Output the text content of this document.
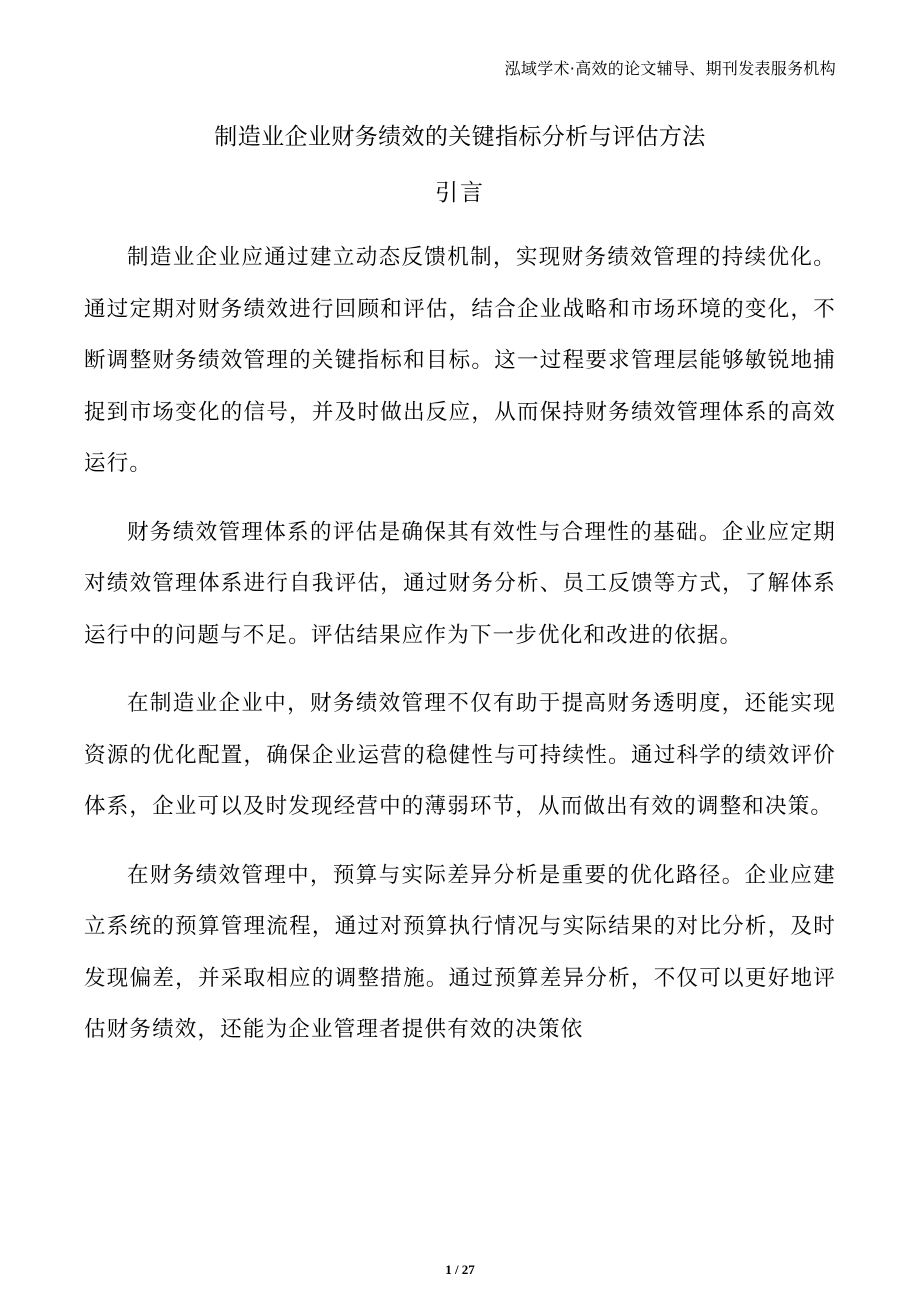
泓域学术·高效的论文辅导、期刊发表服务机构
制造业企业财务绩效的关键指标分析与评估方法
引言

制造业企业应通过建立动态反馈机制，实现财务绩效管理的持续优化。通过定期对财务绩效进行回顾和评估，结合企业战略和市场环境的变化，不断调整财务绩效管理的关键指标和目标。这一过程要求管理层能够敏锐地捕捉到市场变化的信号，并及时做出反应，从而保持财务绩效管理体系的高效运行。

财务绩效管理体系的评估是确保其有效性与合理性的基础。企业应定期对绩效管理体系进行自我评估，通过财务分析、员工反馈等方式，了解体系运行中的问题与不足。评估结果应作为下一步优化和改进的依据。

在制造业企业中，财务绩效管理不仅有助于提高财务透明度，还能实现资源的优化配置，确保企业运营的稳健性与可持续性。通过科学的绩效评价体系，企业可以及时发现经营中的薄弱环节，从而做出有效的调整和决策。

在财务绩效管理中，预算与实际差异分析是重要的优化路径。企业应建立系统的预算管理流程，通过对预算执行情况与实际结果的对比分析，及时发现偏差，并采取相应的调整措施。通过预算差异分析，不仅可以更好地评估财务绩效，还能为企业管理者提供有效的决策依

1 / 27
